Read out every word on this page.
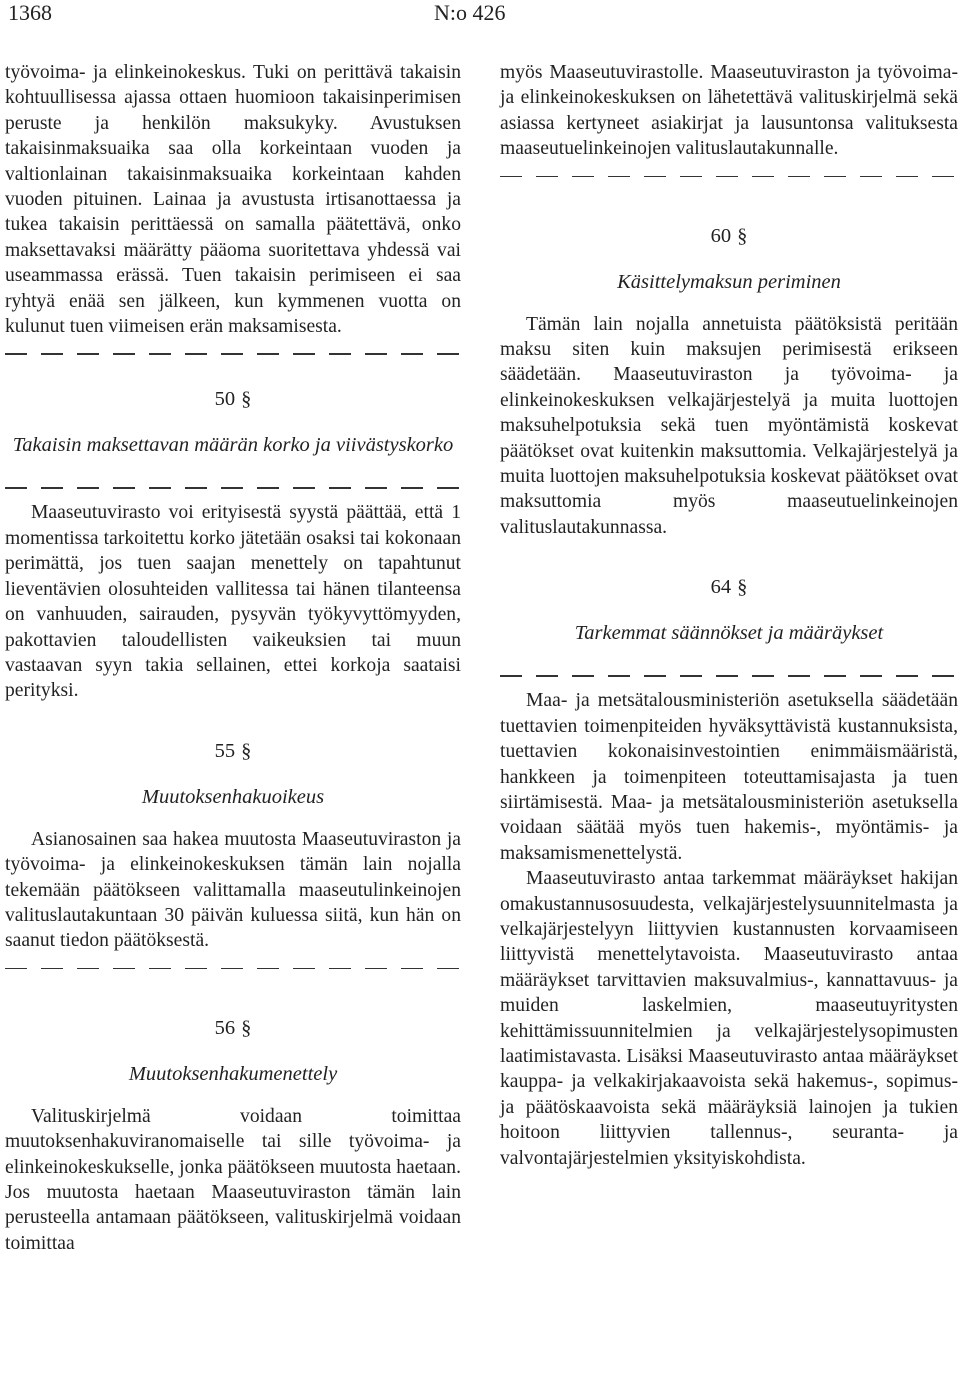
1368	N:o 426

työvoima- ja elinkeinokeskus. Tuki on perittävä takaisin kohtuullisessa ajassa ottaen huomioon takaisinperimisen peruste ja henkilön maksukyky. Avustuksen takaisinmaksuaika saa olla korkeintaan vuoden ja valtionlainan takaisinmaksuaika korkeintaan kahden vuoden pituinen. Lainaa ja avustusta irtisanottaessa ja tukea takaisin perittäessä on samalla päätettävä, onko maksettavaksi määrätty pääoma suoritettava yhdessä vai useammassa erässä. Tuen takaisin perimiseen ei saa ryhtyä enää sen jälkeen, kun kymmenen vuotta on kulunut tuen viimeisen erän maksamisesta.

50 §
Takaisin maksettavan määrän korko ja viivästyskorko

Maaseutuvirasto voi erityisestä syystä päättää, että 1 momentissa tarkoitettu korko jätetään osaksi tai kokonaan perimättä, jos tuen saajan menettely on tapahtunut lieventävien olosuhteiden vallitessa tai hänen tilanteensa on vanhuuden, sairauden, pysyvän työkyvyttömyyden, pakottavien taloudellisten vaikeuksien tai muun vastaavan syyn takia sellainen, ettei korkoja saataisi perityksi.

55 §
Muutoksenhakuoikeus

Asianosainen saa hakea muutosta Maaseutuviraston ja työvoima- ja elinkeinokeskuksen tämän lain nojalla tekemään päätökseen valittamalla maaseutulinkeinojen valituslautakuntaan 30 päivän kuluessa siitä, kun hän on saanut tiedon päätöksestä.

56 §
Muutoksenhakumenettely

Valituskirjelmä voidaan toimittaa muutoksenhakuviranomaiselle tai sille työvoima- ja elinkeinokeskukselle, jonka päätökseen muutosta haetaan. Jos muutosta haetaan Maaseutuviraston tämän lain perusteella antamaan päätökseen, valituskirjelmä voidaan toimittaa

myös Maaseutuvirastolle. Maaseutuviraston ja työvoima- ja elinkeinokeskuksen on lähetettävä valituskirjelmä sekä asiassa kertyneet asiakirjat ja lausuntonsa valituksesta maaseutuelinkeinojen valituslautakunnalle.

60 §
Käsittelymaksun periminen

Tämän lain nojalla annetuista päätöksistä peritään maksu siten kuin maksujen perimisestä erikseen säädetään. Maaseutuviraston ja työvoima- ja elinkeinokeskuksen velkajärjestelyä ja muita luottojen maksuhelpotuksia sekä tuen myöntämistä koskevat päätökset ovat kuitenkin maksuttomia. Velkajärjestelyä ja muita luottojen maksuhelpotuksia koskevat päätökset ovat maksuttomia myös maaseutuelinkeinojen valituslautakunnassa.

64 §
Tarkemmat säännökset ja määräykset

Maa- ja metsätalousministeriön asetuksella säädetään tuettavien toimenpiteiden hyväksyttävistä kustannuksista, tuettavien kokonaisinvestointien enimmäismääristä, hankkeen ja toimenpiteen toteuttamisajasta ja tuen siirtämisestä. Maa- ja metsätalousministeriön asetuksella voidaan säätää myös tuen hakemis-, myöntämis- ja maksamismenettelystä.

Maaseutuvirasto antaa tarkemmat määräykset hakijan omakustannusosuudesta, velkajärjestelysuunnitelmasta ja velkajärjestelyyn liittyvien kustannusten korvaamiseen liittyvistä menettelytavoista. Maaseutuvirasto antaa määräykset tarvittavien maksuvalmius-, kannattavuus- ja muiden laskelmien, maaseutuyritysten kehittämissuunnitelmien ja velkajärjestelysopimusten laatimistavasta. Lisäksi Maaseutuvirasto antaa määräykset kauppa- ja velkakirjakaavoista sekä hakemus-, sopimus- ja päätöskaavoista sekä määräyksiä lainojen ja tukien hoitoon liittyvien tallennus-, seuranta- ja valvontajärjestelmien yksityiskohdista.
